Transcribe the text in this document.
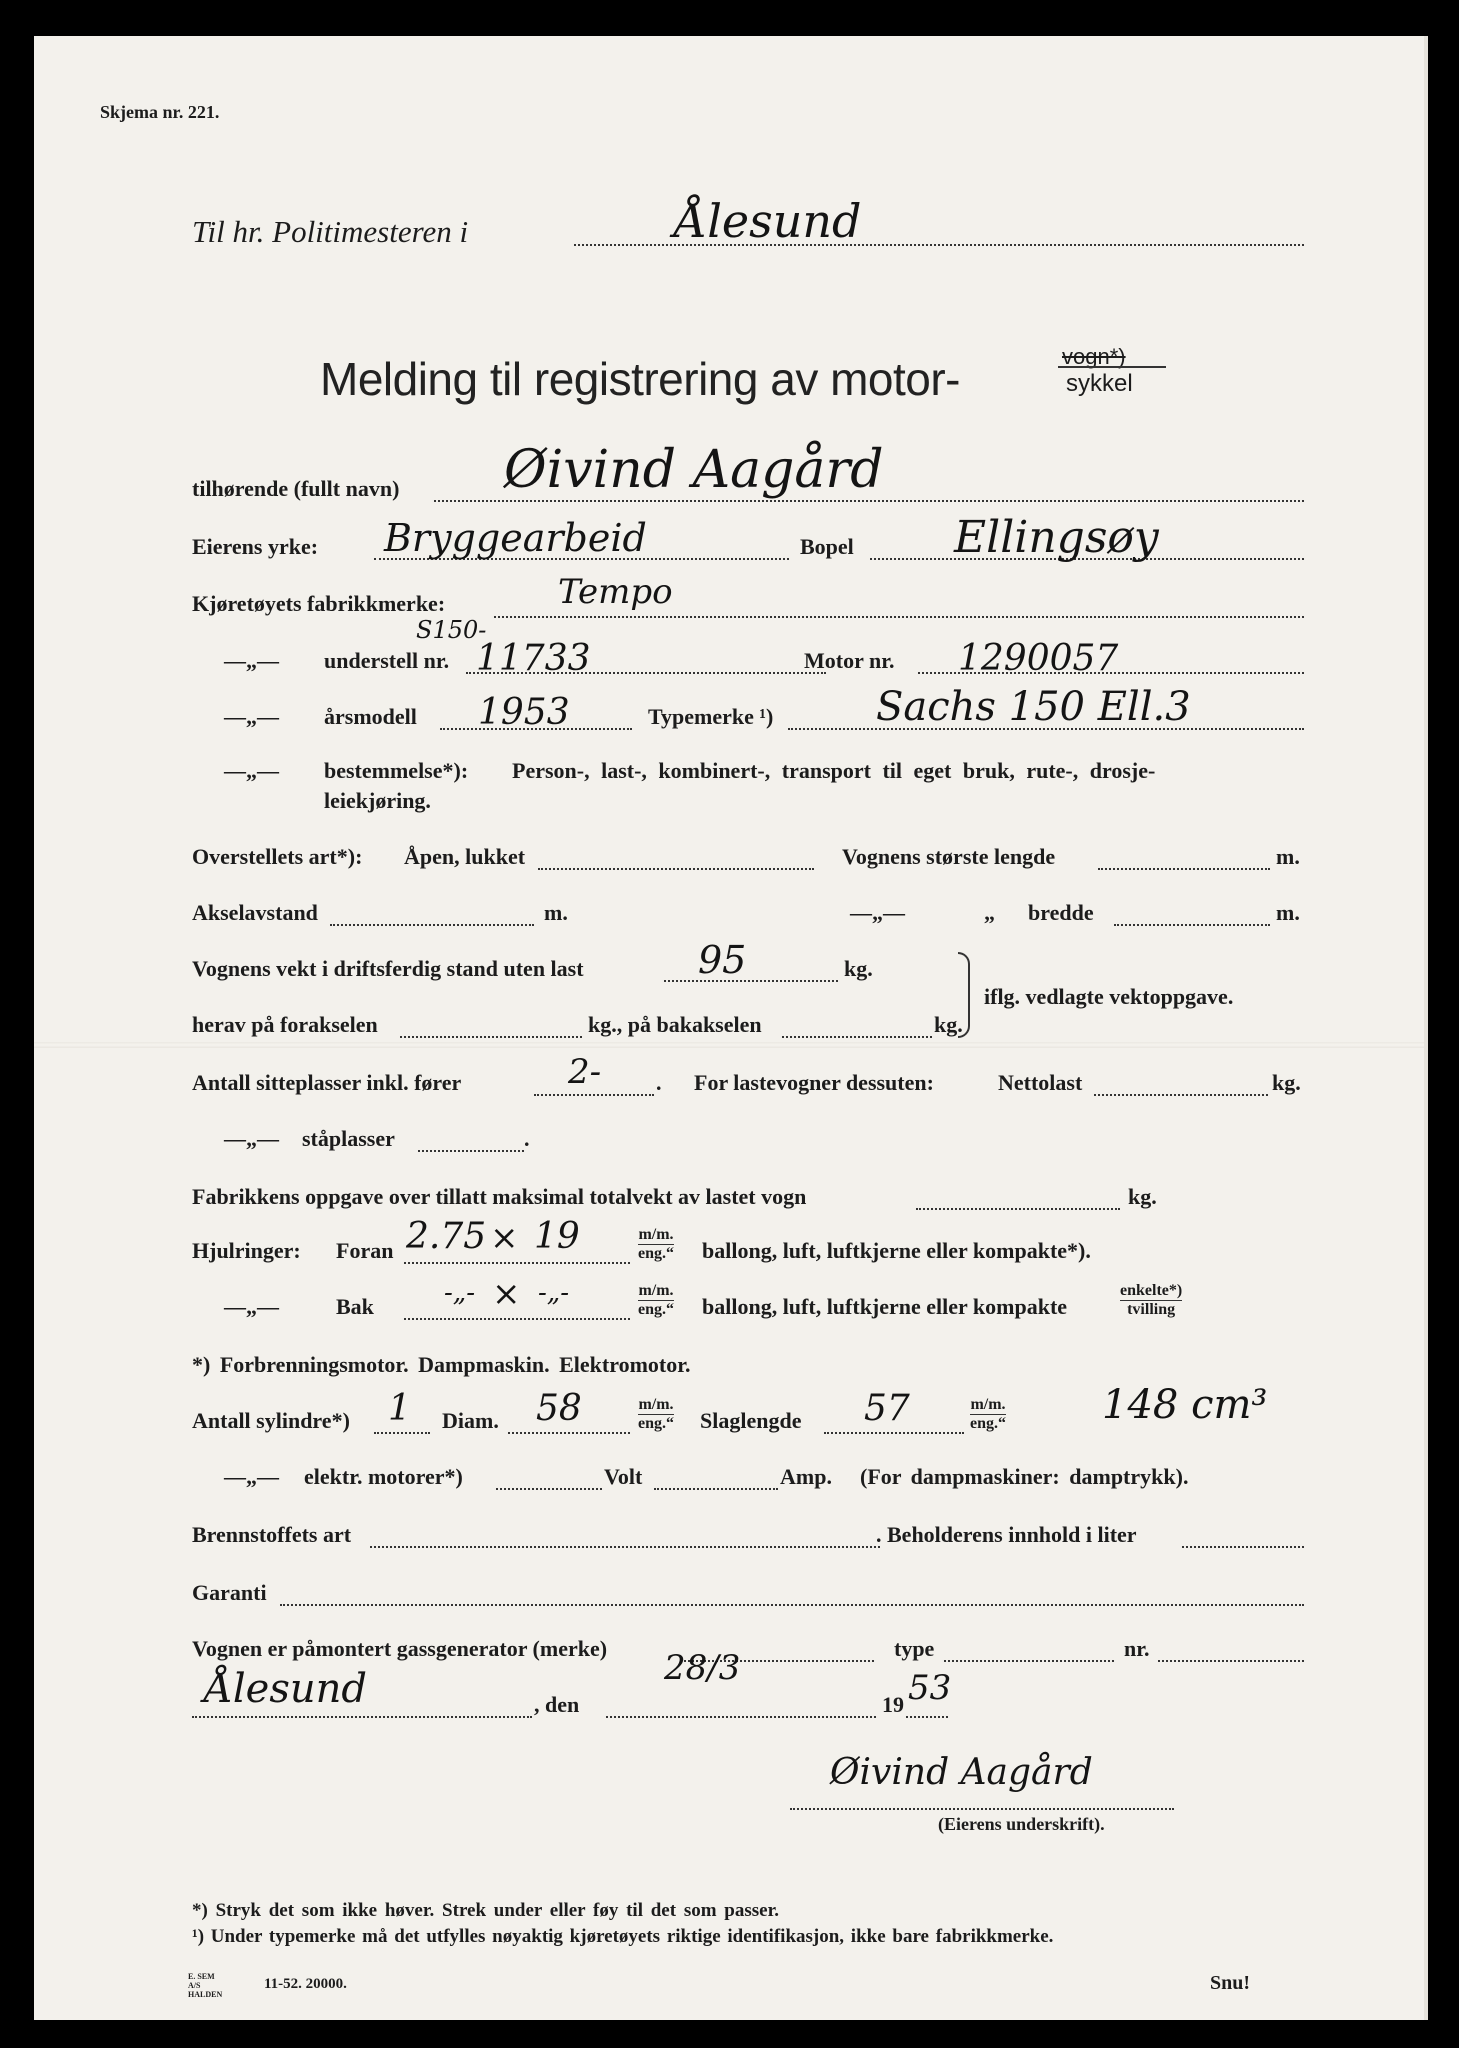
Skjema nr. 221.
Til hr. Politimesteren i	Ålesund
Melding til registrering av motor-	vogn*)
sykkel
tilhørende (fullt navn) Øivind Aagård
Eierens yrke: Bryggearbeid	Bopel Ellingsøy
Kjøretøyets fabrikkmerke:	Tempo
—„— understell nr.
S150-
11733	Motor nr. 1290057
—„— årsmodell 1953	Typemerke ¹)	Sachs 150 Ell.3
—„— bestemmelse*): Person-, last-, kombinert-, transport til eget bruk, rute-, drosje-
leiekjøring.
Overstellets art*): Åpen, lukket	Vognens største lengde	m.
Akselavstand	m.	—„—	„ bredde	m.
Vognens vekt i driftsferdig stand uten last	95	kg.
herav på forakselen	kg., på bakakselen	kg.
iflg. vedlagte vektoppgave.
Antall sitteplasser inkl. fører	2- . For lastevogner dessuten:	Nettolast	kg.
—„— ståplasser	.
Fabrikkens oppgave over tillatt maksimal totalvekt av lastet vogn	kg.
Hjulringer: Foran 2.75 × 19	m/m.
eng.“ ballong, luft, luftkjerne eller kompakte*).
—„—	Bak	-„- × -„-	m/m.
eng.“ ballong, luft, luftkjerne eller kompakte
enkelte*)
tvilling
*) Forbrenningsmotor. Dampmaskin. Elektromotor.
Antall sylindre*) 1 Diam. 58	m/m.
eng.“ Slaglengde 57	m/m.
eng.“ 148 cm³
—„— elektr. motorer*)	Volt	Amp. (For dampmaskiner: damptrykk).
Brennstoffets art	. Beholderens innhold i liter
Garanti
Vognen er påmontert gassgenerator (merke)	type	nr.
Ålesund	, den
28/3
19 53
Øivind Aagård
(Eierens underskrift).
*) Stryk det som ikke høver. Strek under eller føy til det som passer.
¹) Under typemerke må det utfylles nøyaktig kjøretøyets riktige identifikasjon, ikke bare fabrikkmerke.
E. SEM A/S HALDEN
11-52. 20000.	Snu!
